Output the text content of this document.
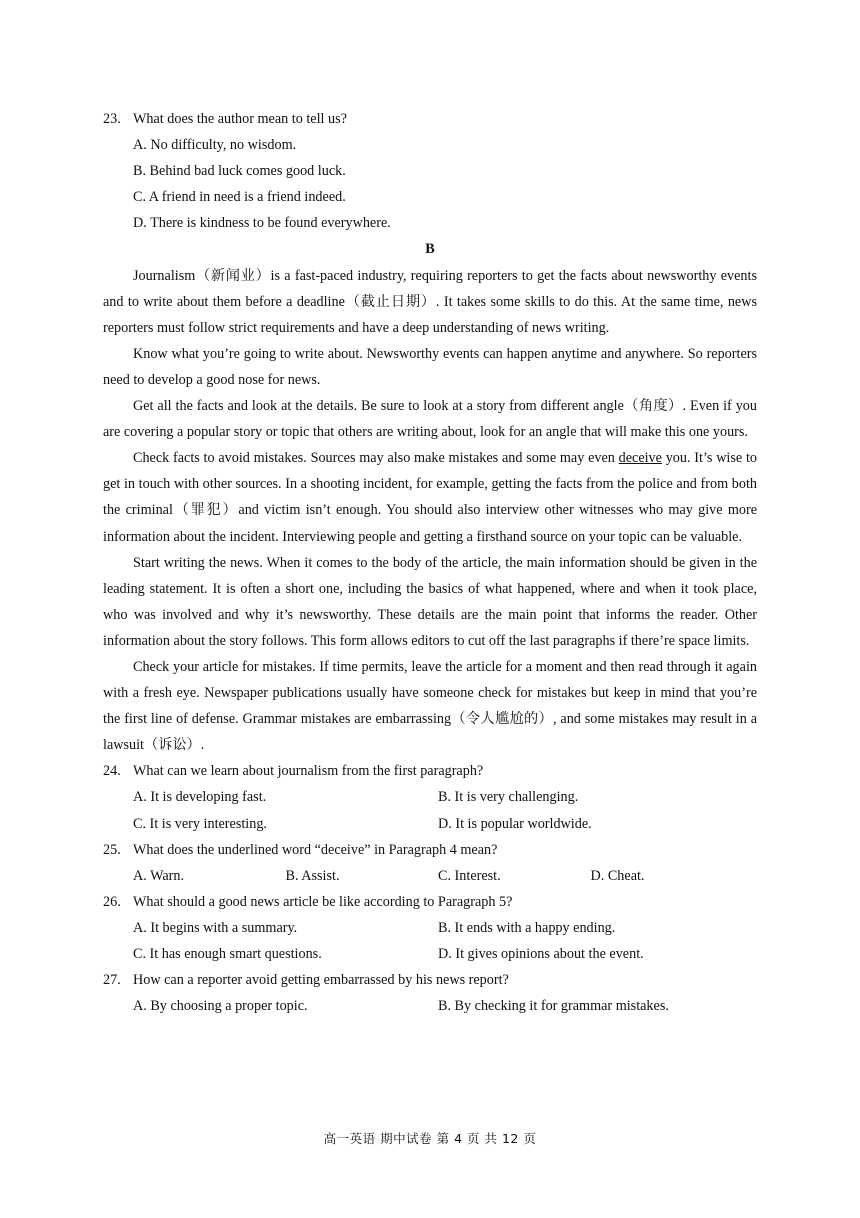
23. What does the author mean to tell us?
A. No difficulty, no wisdom.
B. Behind bad luck comes good luck.
C. A friend in need is a friend indeed.
D. There is kindness to be found everywhere.
B
Journalism（新闻业）is a fast-paced industry, requiring reporters to get the facts about newsworthy events and to write about them before a deadline（截止日期）. It takes some skills to do this. At the same time, news reporters must follow strict requirements and have a deep understanding of news writing.
Know what you’re going to write about. Newsworthy events can happen anytime and anywhere. So reporters need to develop a good nose for news.
Get all the facts and look at the details. Be sure to look at a story from different angle（角度）. Even if you are covering a popular story or topic that others are writing about, look for an angle that will make this one yours.
Check facts to avoid mistakes. Sources may also make mistakes and some may even deceive you. It’s wise to get in touch with other sources. In a shooting incident, for example, getting the facts from the police and from both the criminal（罪犯）and victim isn’t enough. You should also interview other witnesses who may give more information about the incident. Interviewing people and getting a firsthand source on your topic can be valuable.
Start writing the news. When it comes to the body of the article, the main information should be given in the leading statement. It is often a short one, including the basics of what happened, where and when it took place, who was involved and why it’s newsworthy. These details are the main point that informs the reader. Other information about the story follows. This form allows editors to cut off the last paragraphs if there’re space limits.
Check your article for mistakes. If time permits, leave the article for a moment and then read through it again with a fresh eye. Newspaper publications usually have someone check for mistakes but keep in mind that you’re the first line of defense. Grammar mistakes are embarrassing（令人尴尬的）, and some mistakes may result in a lawsuit（诉讼）.
24. What can we learn about journalism from the first paragraph?
A. It is developing fast.	B. It is very challenging.
C. It is very interesting.	D. It is popular worldwide.
25. What does the underlined word “deceive” in Paragraph 4 mean?
A. Warn.	B. Assist.	C. Interest.	D. Cheat.
26. What should a good news article be like according to Paragraph 5?
A. It begins with a summary.	B. It ends with a happy ending.
C. It has enough smart questions.	D. It gives opinions about the event.
27. How can a reporter avoid getting embarrassed by his news report?
A. By choosing a proper topic.	B. By checking it for grammar mistakes.
高一英语 期中试卷 第 4 页 共 12 页
